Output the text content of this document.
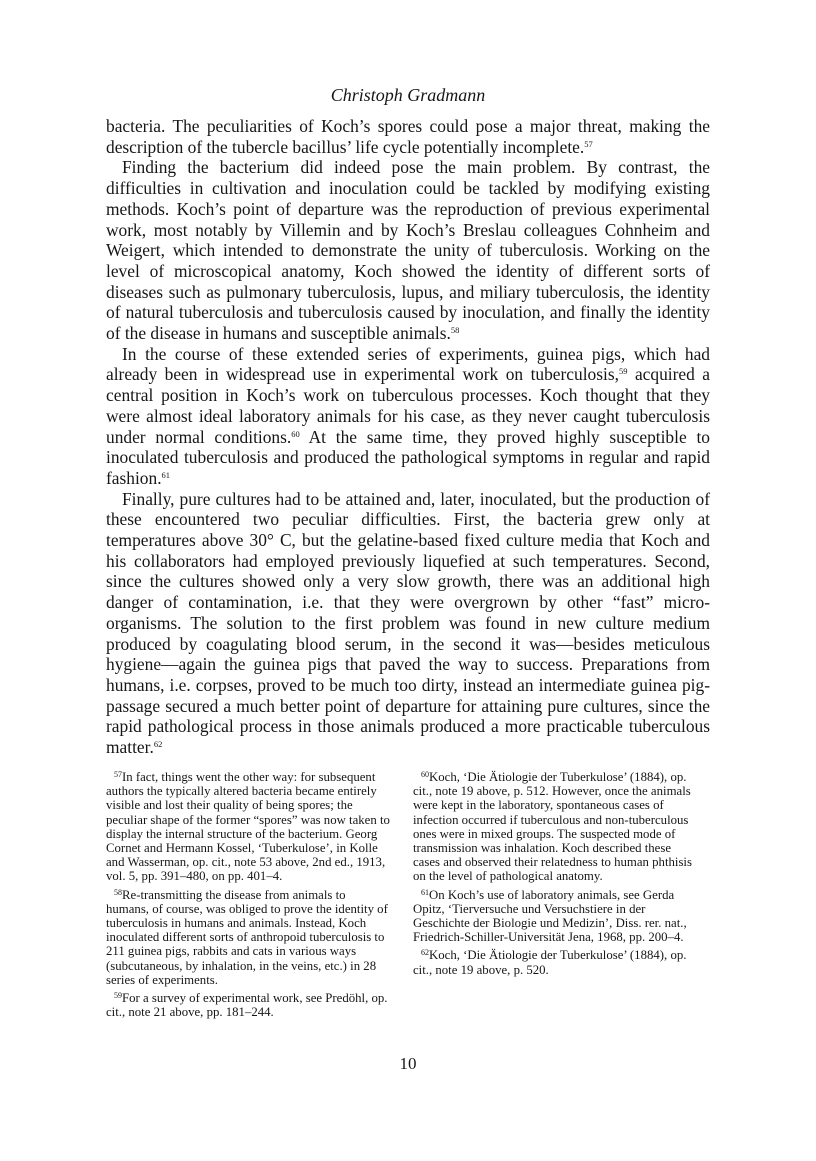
Christoph Gradmann

bacteria. The peculiarities of Koch’s spores could pose a major threat, making the description of the tubercle bacillus’ life cycle potentially incomplete.$^{57}$

Finding the bacterium did indeed pose the main problem. By contrast, the difficulties in cultivation and inoculation could be tackled by modifying existing methods. Koch’s point of departure was the reproduction of previous experimental work, most notably by Villemin and by Koch’s Breslau colleagues Cohnheim and Weigert, which intended to demonstrate the unity of tuberculosis. Working on the level of microscopical anatomy, Koch showed the identity of different sorts of diseases such as pulmonary tuberculosis, lupus, and miliary tuberculosis, the identity of natural tuberculosis and tuberculosis caused by inoculation, and finally the identity of the disease in humans and susceptible animals.$^{58}$

In the course of these extended series of experiments, guinea pigs, which had already been in widespread use in experimental work on tuberculosis,$^{59}$ acquired a central position in Koch’s work on tuberculous processes. Koch thought that they were almost ideal laboratory animals for his case, as they never caught tuberculosis under normal conditions.$^{60}$ At the same time, they proved highly susceptible to inoculated tuberculosis and produced the pathological symptoms in regular and rapid fashion.$^{61}$

Finally, pure cultures had to be attained and, later, inoculated, but the production of these encountered two peculiar difficulties. First, the bacteria grew only at temperatures above 30° C, but the gelatine-based fixed culture media that Koch and his collaborators had employed previously liquefied at such temperatures. Second, since the cultures showed only a very slow growth, there was an additional high danger of contamination, i.e. that they were overgrown by other “fast” micro-organisms. The solution to the first problem was found in new culture medium produced by coagulating blood serum, in the second it was—besides meticulous hygiene—again the guinea pigs that paved the way to success. Preparations from humans, i.e. corpses, proved to be much too dirty, instead an intermediate guinea pig-passage secured a much better point of departure for attaining pure cultures, since the rapid pathological process in those animals produced a more practicable tuberculous matter.$^{62}$

$^{57}$In fact, things went the other way: for subsequent authors the typically altered bacteria became entirely visible and lost their quality of being spores; the peculiar shape of the former “spores” was now taken to display the internal structure of the bacterium. Georg Cornet and Hermann Kossel, ‘Tuberkulose’, in Kolle and Wasserman, op. cit., note 53 above, 2nd ed., 1913, vol. 5, pp. 391–480, on pp. 401–4.

$^{58}$Re-transmitting the disease from animals to humans, of course, was obliged to prove the identity of tuberculosis in humans and animals. Instead, Koch inoculated different sorts of anthropoid tuberculosis to 211 guinea pigs, rabbits and cats in various ways (subcutaneous, by inhalation, in the veins, etc.) in 28 series of experiments.

$^{59}$For a survey of experimental work, see Predöhl, op. cit., note 21 above, pp. 181–244.

$^{60}$Koch, ‘Die Ätiologie der Tuberkulose’ (1884), op. cit., note 19 above, p. 512. However, once the animals were kept in the laboratory, spontaneous cases of infection occurred if tuberculous and non-tuberculous ones were in mixed groups. The suspected mode of transmission was inhalation. Koch described these cases and observed their relatedness to human phthisis on the level of pathological anatomy.

$^{61}$On Koch’s use of laboratory animals, see Gerda Opitz, ‘Tierversuche und Versuchstiere in der Geschichte der Biologie und Medizin’, Diss. rer. nat., Friedrich-Schiller-Universität Jena, 1968, pp. 200–4.

$^{62}$Koch, ‘Die Ätiologie der Tuberkulose’ (1884), op. cit., note 19 above, p. 520.

10
